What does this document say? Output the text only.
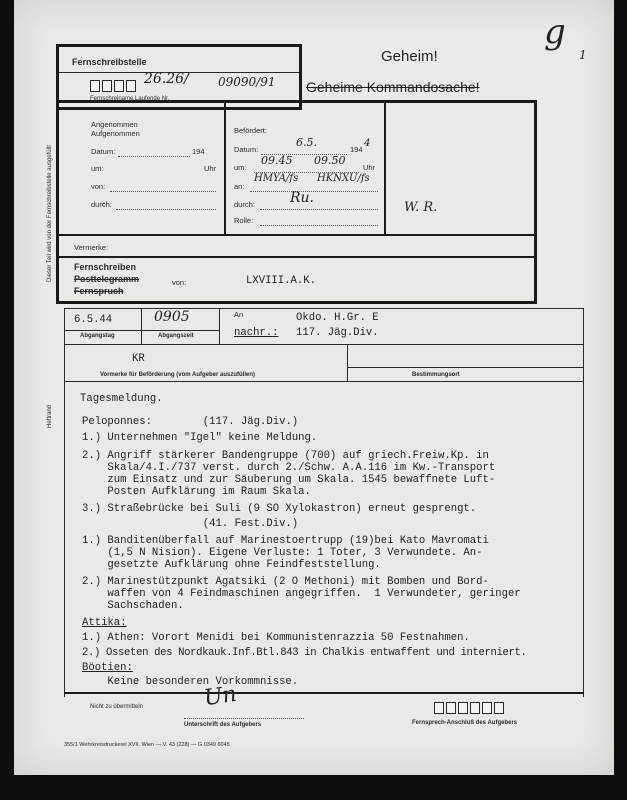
g
1
Fernschreibstelle
26.26/ 09090/91
Fernschreiname Laufende Nr.
Geheim!
Geheime Kommandosache!
Dieser Teil wird von der Fernschreibstelle ausgefüllt
Heftrand
Angenommen
Aufgenommen
Datum:	194
um:	Uhr
von:
durch:
Befördert:
Datum:
6.5.
194
4
um:
09.45 09.50
Uhr
an:
HMYA/fs HKNXU/fs
durch:	Ru.
Rolle:
W. R.
Vermerke:
Fernschreiben
Posttelegramm
Fernspruch
von:	LXVIII.A.K.
6.5.44	0905
Abgangstag	Abgangszeit
An	Okdo. H.Gr. E
nachr.: 117. Jäg.Div.
KR
Vormerke für Beförderung (vom Aufgeber auszufüllen)	Bestimmungsort
Tagesmeldung.
Peloponnes:        (117. Jäg.Div.)
1.) Unternehmen "Igel" keine Meldung.
2.) Angriff stärkerer Bandengruppe (700) auf griech.Freiw.Kp. in
Skala/4.I./737 verst. durch 2./Schw. A.A.116 im Kw.-Transport
zum Einsatz und zur Säuberung um Skala. 1545 bewaffnete Luft-
Posten Aufklärung im Raum Skala.
3.) Straßebrücke bei Suli (9 SO Xylokastron) erneut gesprengt.
(41. Fest.Div.)
1.) Banditenüberfall auf Marinestoertrupp (19)bei Kato Mavromati
(1,5 N Nision). Eigene Verluste: 1 Toter, 3 Verwundete. An-
gesetzte Aufklärung ohne Feindfeststellung.
2.) Marinestützpunkt Agatsiki (2 O Methoni) mit Bomben und Bord-
waffen von 4 Feindmaschinen angegriffen.  1 Verwundeter, geringer
Sachschaden.
Attika:
1.) Athen: Vorort Menidi bei Kommunistenrazzia 50 Festnahmen.
2.) Osseten des Nordkauk.Inf.Btl.843 in Chalkis entwaffent und interniert.
Böotien:
Keine besonderen Vorkommnisse.
Nicht zu übermitteln	Un
Unterschrift des Aufgebers	Fernsprech-Anschluß des Aufgebers
355/1 Wehrkreisdruckerei XVII. Wien — V. 43 (228) — G 0349 6045
